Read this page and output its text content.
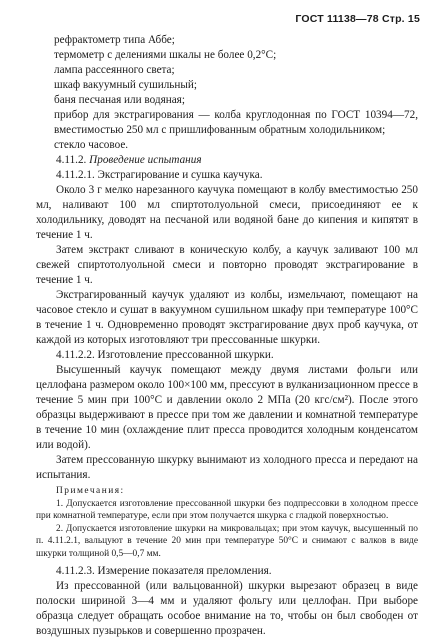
ГОСТ 11138—78 Стр. 15

рефрактометр типа Аббе;

термометр с делениями шкалы не более 0,2°С;

лампа рассеянного света;

шкаф вакуумный сушильный;

баня песчаная или водяная;

прибор для экстрагирования — колба круглодонная по ГОСТ 10394—72, вместимостью 250 мл с пришлифованным обратным холодильником;

стекло часовое.

4.11.2. Проведение испытания

4.11.2.1. Экстрагирование и сушка каучука.

Около 3 г мелко нарезанного каучука помещают в колбу вместимостью 250 мл, наливают 100 мл спиртотолуольной смеси, присоединяют ее к холодильнику, доводят на песчаной или водяной бане до кипения и кипятят в течение 1 ч.

Затем экстракт сливают в коническую колбу, а каучук заливают 100 мл свежей спиртотолуольной смеси и повторно проводят экстрагирование в течение 1 ч.

Экстрагированный каучук удаляют из колбы, измельчают, помещают на часовое стекло и сушат в вакуумном сушильном шкафу при температуре 100°С в течение 1 ч. Одновременно проводят экстрагирование двух проб каучука, от каждой из которых изготовляют три прессованные шкурки.

4.11.2.2. Изготовление прессованной шкурки.

Высушенный каучук помещают между двумя листами фольги или целлофана размером около 100×100 мм, прессуют в вулканизационном прессе в течение 5 мин при 100°С и давлении около 2 МПа (20 кгс/см²). После этого образцы выдерживают в прессе при том же давлении и комнатной температуре в течение 10 мин (охлаждение плит пресса проводится холодным конденсатом или водой).

Затем прессованную шкурку вынимают из холодного пресса и передают на испытания.

Примечания:

1. Допускается изготовление прессованной шкурки без подпрессовки в холодном прессе при комнатной температуре, если при этом получается шкурка с гладкой поверхностью.

2. Допускается изготовление шкурки на микровальцах; при этом каучук, высушенный по п. 4.11.2.1, вальцуют в течение 20 мин при температуре 50°С и снимают с валков в виде шкурки толщиной 0,5—0,7 мм.

4.11.2.3. Измерение показателя преломления.

Из прессованной (или вальцованной) шкурки вырезают образец в виде полоски шириной 3—4 мм и удаляют фольгу или целлофан. При выборе образца следует обращать особое внимание на то, чтобы он был свободен от воздушных пузырьков и совершенно прозрачен.
